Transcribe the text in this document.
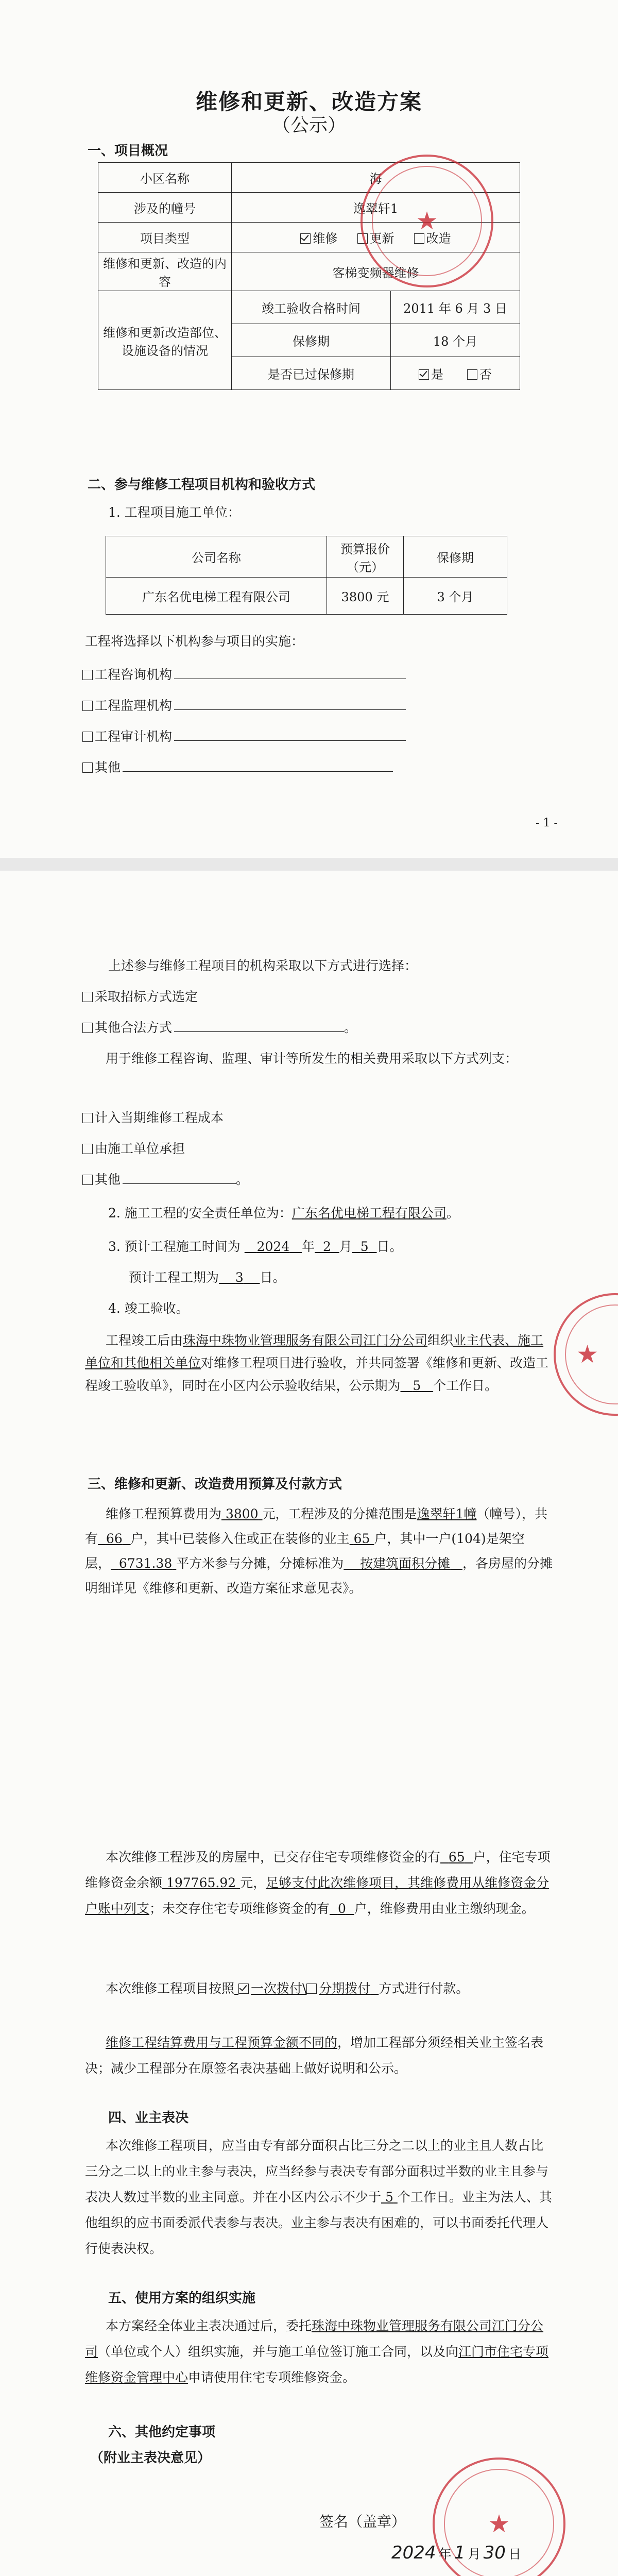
维修和更新、改造方案
（公示）
一、项目概况
小区名称	海	
涉及的幢号	逸翠轩1	
项目类型	维修 更新 改造	
维修和更新、改造的内容	客梯变频器维修	
维修和更新改造部位、设施设备的情况	竣工验收合格时间	2011 年 6 月 3 日
	保修期	18 个月
	是否已过保修期	是 否
★
二、参与维修工程项目机构和验收方式
1. 工程项目施工单位：
公司名称	预算报价（元）	保修期
广东名优电梯工程有限公司	3800 元	3 个月
工程将选择以下机构参与项目的实施：
工程咨询机构
工程监理机构
工程审计机构
其他
- 1 -
上述参与维修工程项目的机构采取以下方式进行选择：
采取招标方式选定
其他合法方式	。
用于维修工程咨询、监理、审计等所发生的相关费用采取以下方式列支：
计入当期维修工程成本
由施工单位承担
其他	。
2. 施工工程的安全责任单位为：广东名优电梯工程有限公司。
3. 预计工程施工时间为 2024 年 2 月 5 日。
预计工程工期为 3 日。
4. 竣工验收。
工程竣工后由珠海中珠物业管理服务有限公司江门分公司组织业主代表、施工单位和其他相关单位对维修工程项目进行验收，并共同签署《维修和更新、改造工程竣工验收单》，同时在小区内公示验收结果，公示期为 5 个工作日。
★
三、维修和更新、改造费用预算及付款方式
维修工程预算费用为 3800 元，工程涉及的分摊范围是逸翠轩1幢（幢号），共有 66 户，其中已装修入住或正在装修的业主 65 户，其中一户(104)是架空层， 6731.38 平方米参与分摊，分摊标准为 按建筑面积分摊 ，各房屋的分摊明细详见《维修和更新、改造方案征求意见表》。
本次维修工程涉及的房屋中，已交存住宅专项维修资金的有 65 户，住宅专项维修资金余额 197765.92 元，足够支付此次维修项目，其维修费用从维修资金分户账中列支；未交存住宅专项维修资金的有 0 户，维修费用由业主缴纳现金。
本次维修工程项目按照 一次拨付\ 分期拨付 方式进行付款。
维修工程结算费用与工程预算金额不同的，增加工程部分须经相关业主签名表决；减少工程部分在原签名表决基础上做好说明和公示。
四、业主表决
本次维修工程项目，应当由专有部分面积占比三分之二以上的业主且人数占比三分之二以上的业主参与表决，应当经参与表决专有部分面积过半数的业主且参与表决人数过半数的业主同意。并在小区内公示不少于 5 个工作日。业主为法人、其他组织的应书面委派代表参与表决。业主参与表决有困难的，可以书面委托代理人行使表决权。
五、使用方案的组织实施
本方案经全体业主表决通过后，委托珠海中珠物业管理服务有限公司江门分公司（单位或个人）组织实施，并与施工单位签订施工合同，以及向江门市住宅专项维修资金管理中心申请使用住宅专项维修资金。
六、其他约定事项
（附业主表决意见）
★
签名（盖章）
2024 年 1 月 30 日
